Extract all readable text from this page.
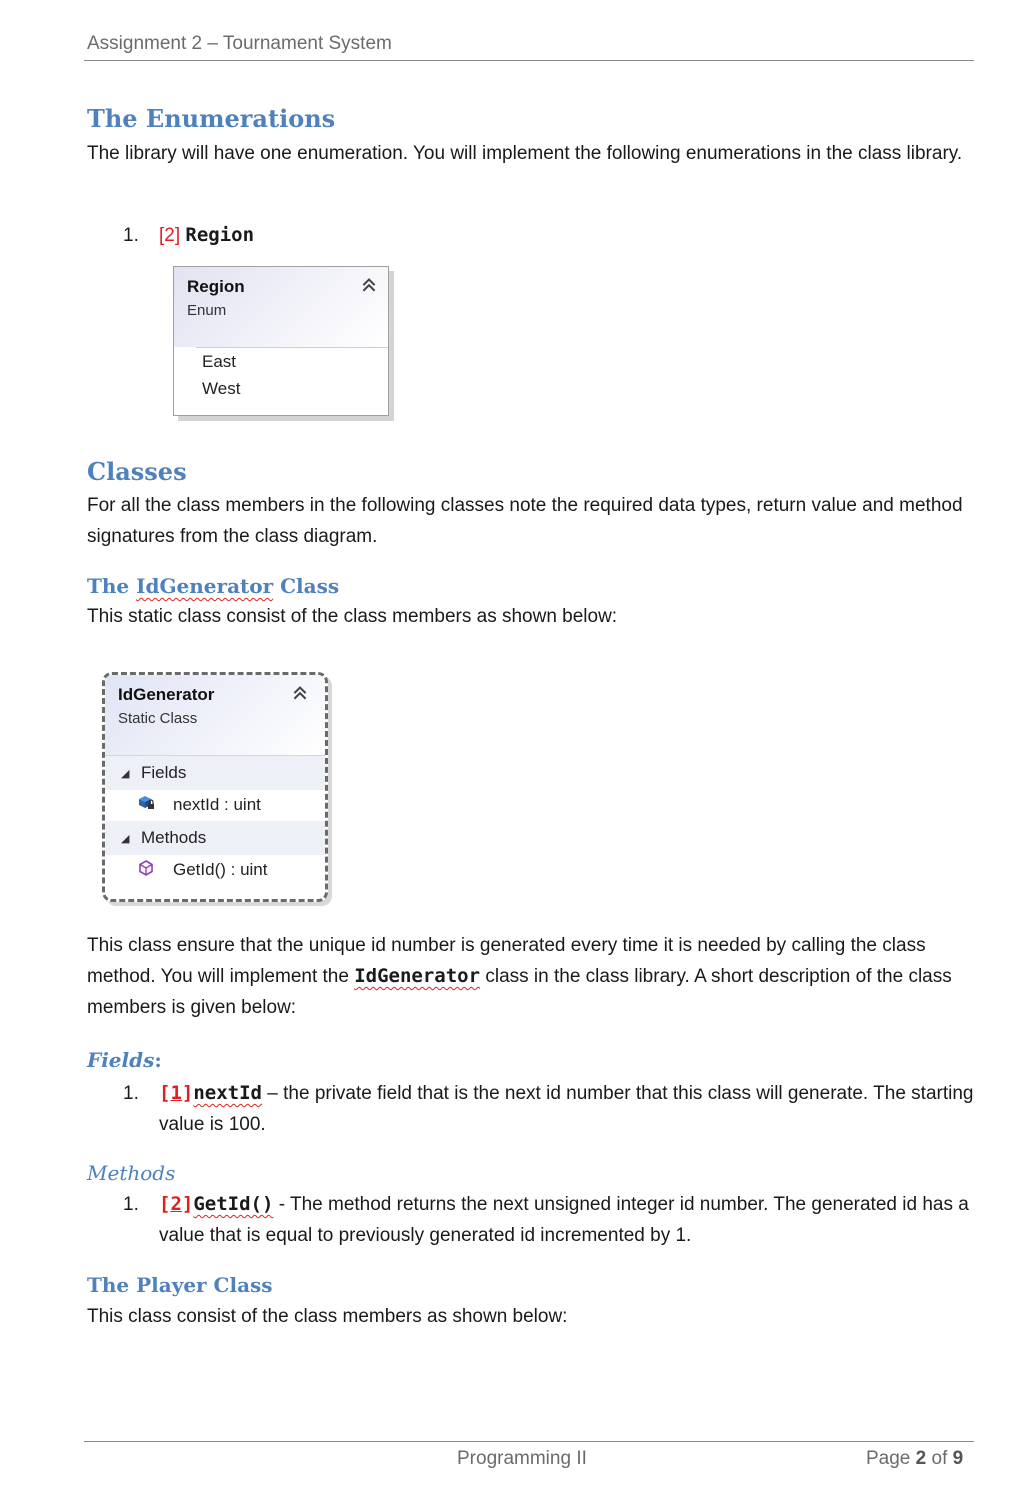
Assignment 2 – Tournament System
The Enumerations
The library will have one enumeration. You will implement the following enumerations in the class library.
1. [2] Region
Region
Enum
East
West
Classes
For all the class members in the following classes note the required data types, return value and method signatures from the class diagram.
The IdGenerator Class
This static class consist of the class members as shown below:
IdGenerator
Static Class
◢ Fields
nextId : uint
◢ Methods
GetId() : uint
This class ensure that the unique id number is generated every time it is needed by calling the class method. You will implement the IdGenerator class in the class library. A short description of the class members is given below:
Fields:
1. [1]nextId – the private field that is the next id number that this class will generate. The starting value is 100.
Methods
1. [2]GetId() - The method returns the next unsigned integer id number. The generated id has a value that is equal to previously generated id incremented by 1.
The Player Class
This class consist of the class members as shown below:
Programming II	Page 2 of 9
